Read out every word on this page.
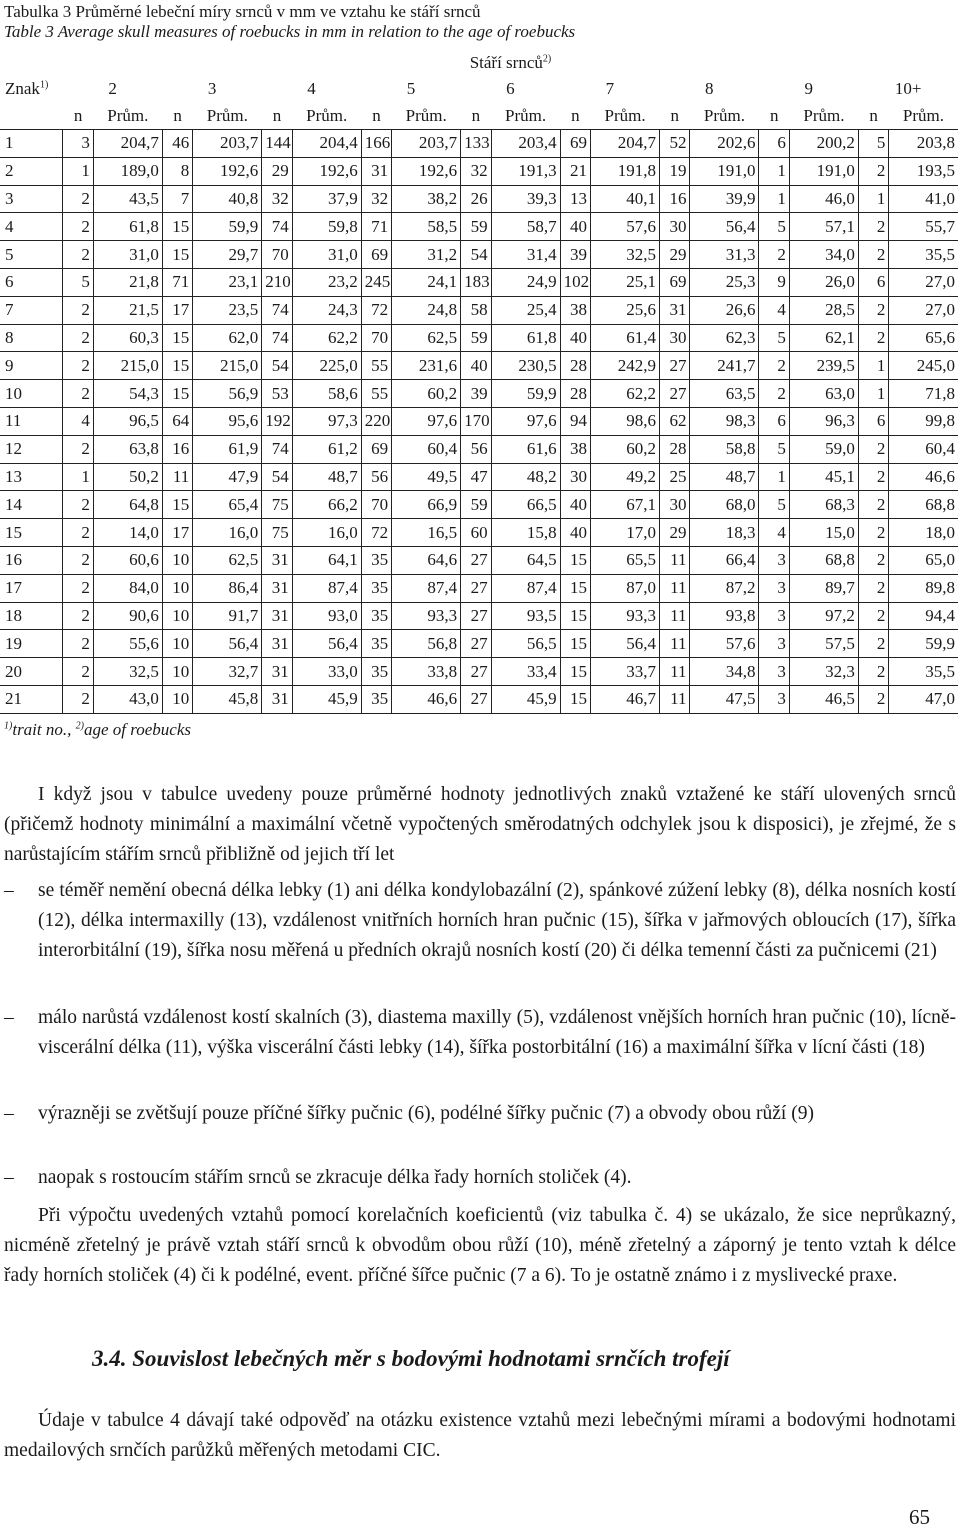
Tabulka 3 Průměrné lebeční míry srnců v mm ve vztahu ke stáří srnců
Table 3 Average skull measures of roebucks in mm in relation to the age of roebucks
	Stáří srnců$^{2)}$
Znak$^{1)}$	2		3		4		5		6		7		8		9		10+	
	n	Prům.	n	Prům.	n	Prům.	n	Prům.	n	Prům.	n	Prům.	n	Prům.	n	Prům.	n	Prům.
1	3	204,7	46	203,7	144	204,4	166	203,7	133	203,4	69	204,7	52	202,6	6	200,2	5	203,8
2	1	189,0	8	192,6	29	192,6	31	192,6	32	191,3	21	191,8	19	191,0	1	191,0	2	193,5
3	2	43,5	7	40,8	32	37,9	32	38,2	26	39,3	13	40,1	16	39,9	1	46,0	1	41,0
4	2	61,8	15	59,9	74	59,8	71	58,5	59	58,7	40	57,6	30	56,4	5	57,1	2	55,7
5	2	31,0	15	29,7	70	31,0	69	31,2	54	31,4	39	32,5	29	31,3	2	34,0	2	35,5
6	5	21,8	71	23,1	210	23,2	245	24,1	183	24,9	102	25,1	69	25,3	9	26,0	6	27,0
7	2	21,5	17	23,5	74	24,3	72	24,8	58	25,4	38	25,6	31	26,6	4	28,5	2	27,0
8	2	60,3	15	62,0	74	62,2	70	62,5	59	61,8	40	61,4	30	62,3	5	62,1	2	65,6
9	2	215,0	15	215,0	54	225,0	55	231,6	40	230,5	28	242,9	27	241,7	2	239,5	1	245,0
10	2	54,3	15	56,9	53	58,6	55	60,2	39	59,9	28	62,2	27	63,5	2	63,0	1	71,8
11	4	96,5	64	95,6	192	97,3	220	97,6	170	97,6	94	98,6	62	98,3	6	96,3	6	99,8
12	2	63,8	16	61,9	74	61,2	69	60,4	56	61,6	38	60,2	28	58,8	5	59,0	2	60,4
13	1	50,2	11	47,9	54	48,7	56	49,5	47	48,2	30	49,2	25	48,7	1	45,1	2	46,6
14	2	64,8	15	65,4	75	66,2	70	66,9	59	66,5	40	67,1	30	68,0	5	68,3	2	68,8
15	2	14,0	17	16,0	75	16,0	72	16,5	60	15,8	40	17,0	29	18,3	4	15,0	2	18,0
16	2	60,6	10	62,5	31	64,1	35	64,6	27	64,5	15	65,5	11	66,4	3	68,8	2	65,0
17	2	84,0	10	86,4	31	87,4	35	87,4	27	87,4	15	87,0	11	87,2	3	89,7	2	89,8
18	2	90,6	10	91,7	31	93,0	35	93,3	27	93,5	15	93,3	11	93,8	3	97,2	2	94,4
19	2	55,6	10	56,4	31	56,4	35	56,8	27	56,5	15	56,4	11	57,6	3	57,5	2	59,9
20	2	32,5	10	32,7	31	33,0	35	33,8	27	33,4	15	33,7	11	34,8	3	32,3	2	35,5
21	2	43,0	10	45,8	31	45,9	35	46,6	27	45,9	15	46,7	11	47,5	3	46,5	2	47,0
$^{1)}$trait no., $^{2)}$age of roebucks
I když jsou v tabulce uvedeny pouze průměrné hodnoty jednotlivých znaků vztažené ke stáří ulovených srnců (přičemž hodnoty minimální a maximální včetně vypočtených směrodatných odchylek jsou k disposici), je zřejmé, že s narůstajícím stářím srnců přibližně od jejich tří let
– se téměř nemění obecná délka lebky (1) ani délka kondylobazální (2), spánkové zúžení lebky (8), délka nosních kostí (12), délka intermaxilly (13), vzdálenost vnitřních horních hran pučnic (15), šířka v jařmových obloucích (17), šířka interorbitální (19), šířka nosu měřená u předních okrajů nosních kostí (20) či délka temenní části za pučnicemi (21)
– málo narůstá vzdálenost kostí skalních (3), diastema maxilly (5), vzdálenost vnějších horních hran pučnic (10), lícně-viscerální délka (11), výška viscerální části lebky (14), šířka postorbitální (16) a maximální šířka v lícní části (18)
– výrazněji se zvětšují pouze příčné šířky pučnic (6), podélné šířky pučnic (7) a obvody obou růží (9)
– naopak s rostoucím stářím srnců se zkracuje délka řady horních stoliček (4).
Při výpočtu uvedených vztahů pomocí korelačních koeficientů (viz tabulka č. 4) se ukázalo, že sice neprůkazný, nicméně zřetelný je právě vztah stáří srnců k obvodům obou růží (10), méně zřetelný a záporný je tento vztah k délce řady horních stoliček (4) či k podélné, event. příčné šířce pučnic (7 a 6). To je ostatně známo i z myslivecké praxe.
3.4. Souvislost lebečných měr s bodovými hodnotami srnčích trofejí
Údaje v tabulce 4 dávají také odpověď na otázku existence vztahů mezi lebečnými mírami a bodovými hodnotami medailových srnčích parůžků měřených metodami CIC.
65
